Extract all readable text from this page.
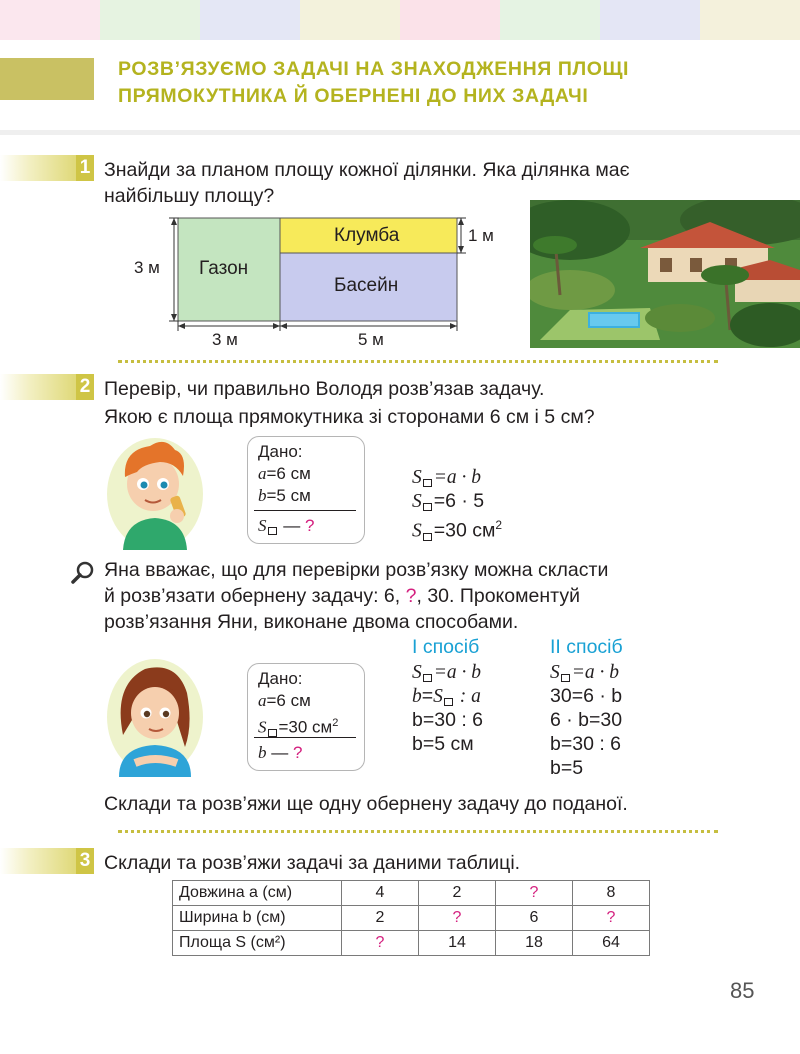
РОЗВ’ЯЗУЄМО ЗАДАЧІ НА ЗНАХОДЖЕННЯ ПЛОЩІ
ПРЯМОКУТНИКА Й ОБЕРНЕНІ ДО НИХ ЗАДАЧІ
1 Знайди за планом площу кожної ділянки. Яка ділянка має
найбільшу площу?
Газон
Клумба
Басейн
3 м
1 м
3 м	5 м
2 Перевір, чи правильно Володя розв’язав задачу.
Якою є площа прямокутника зі сторонами 6 см і 5 см?
Дано:
a=6 см
b=5 см
S — ?
S =a · b
S =6 · 5
S =30 $см^2$
Яна вважає, що для перевірки розв’язку можна скласти
й розв’язати обернену задачу: 6, ?, 30. Прокоментуй
розв’язання Яни, виконане двома способами.
Дано:
a=6 см
S =30 $см^2$
b — ?
І спосіб
S =a · b
b=S : a
b=30 : 6
b=5 см
ІІ спосіб
S =a · b
30=6 · b
6 · b=30
b=30 : 6
b=5
Склади та розв’яжи ще одну обернену задачу до поданої.
3 Склади та розв’яжи задачі за даними таблиці.
Довжина a (см)	4	2	?	8
Ширина b (см)	2	?	6	?
Площа S (см²)	?	14	18	64
85
